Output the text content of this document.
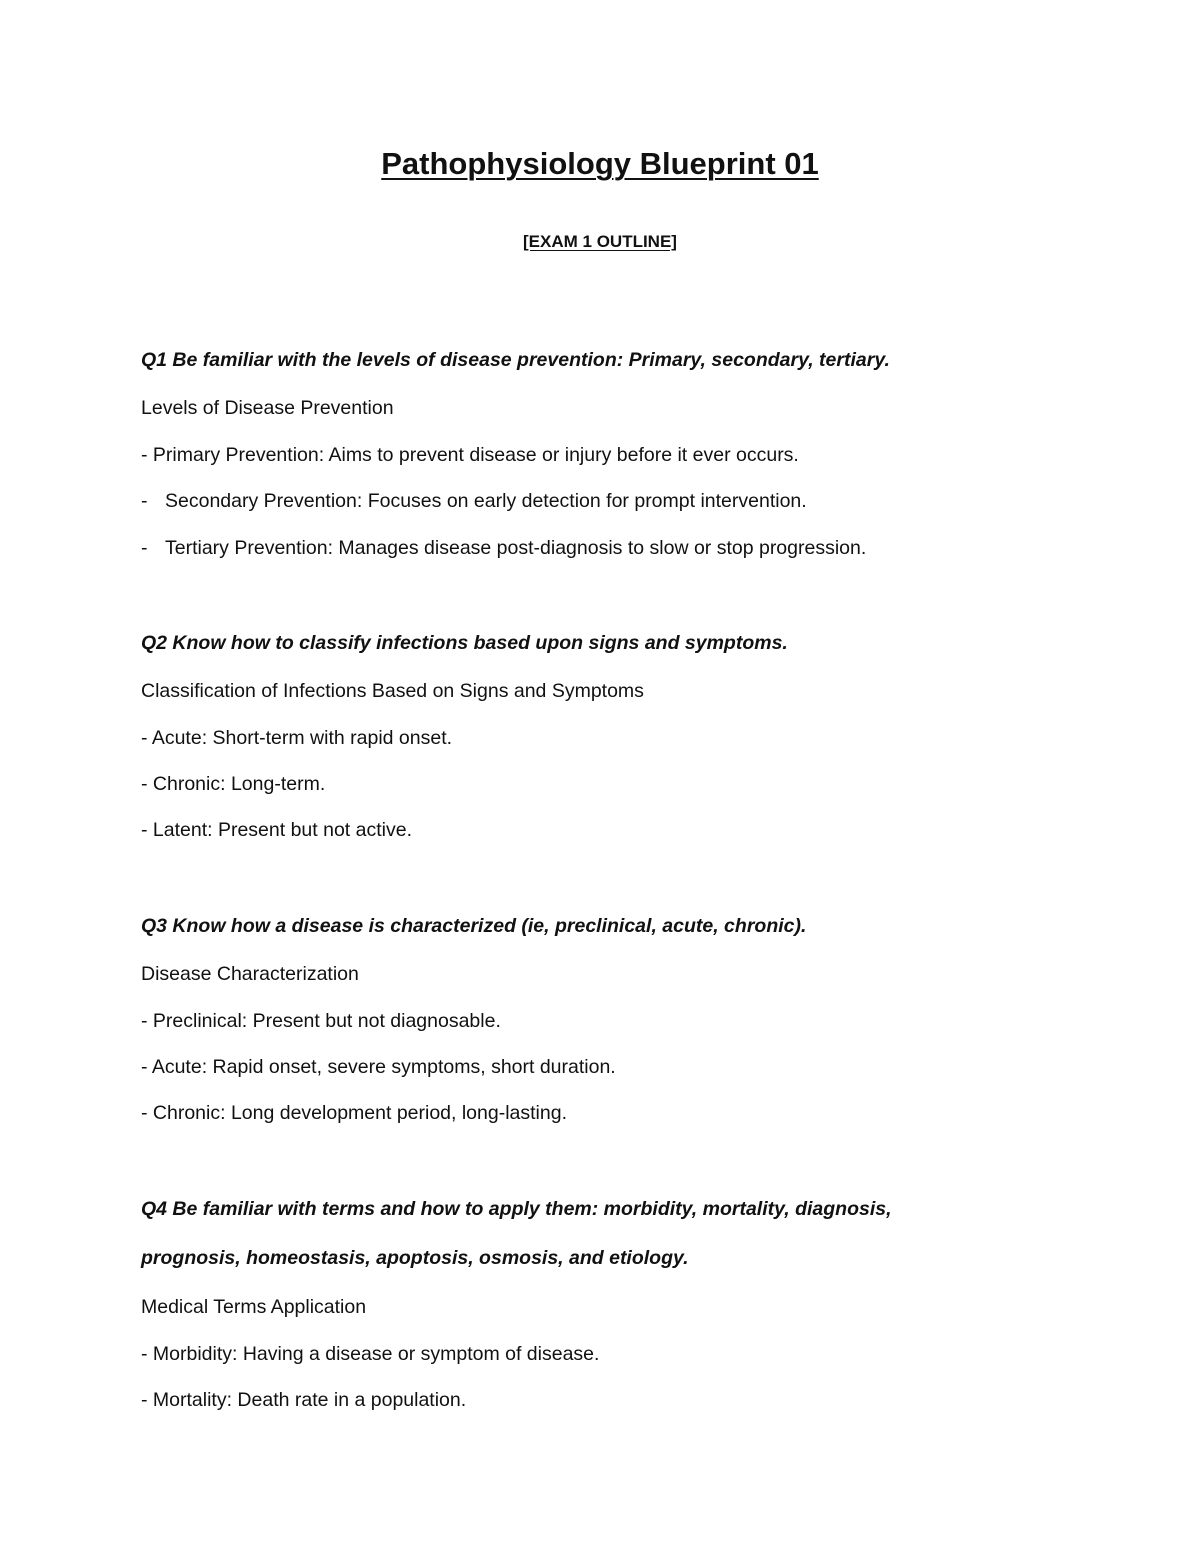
Pathophysiology Blueprint 01
[EXAM 1 OUTLINE]
Q1 Be familiar with the levels of disease prevention: Primary, secondary, tertiary.
Levels of Disease Prevention
- Primary Prevention: Aims to prevent disease or injury before it ever occurs.
- Secondary Prevention: Focuses on early detection for prompt intervention.
- Tertiary Prevention: Manages disease post-diagnosis to slow or stop progression.
Q2 Know how to classify infections based upon signs and symptoms.
Classification of Infections Based on Signs and Symptoms
- Acute: Short-term with rapid onset.
- Chronic: Long-term.
- Latent: Present but not active.
Q3 Know how a disease is characterized (ie, preclinical, acute, chronic).
Disease Characterization
- Preclinical: Present but not diagnosable.
- Acute: Rapid onset, severe symptoms, short duration.
- Chronic: Long development period, long-lasting.
Q4 Be familiar with terms and how to apply them: morbidity, mortality, diagnosis,
prognosis, homeostasis, apoptosis, osmosis, and etiology.
Medical Terms Application
- Morbidity: Having a disease or symptom of disease.
- Mortality: Death rate in a population.
